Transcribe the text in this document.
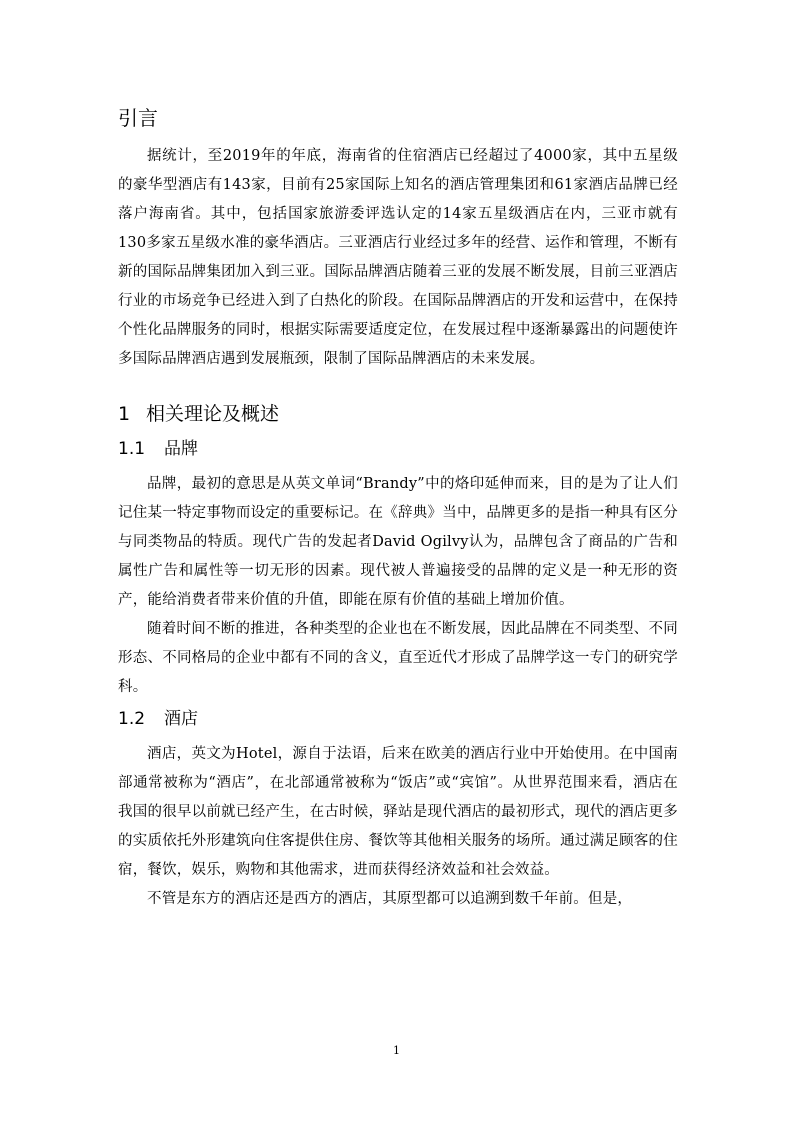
引言

据统计，至2019年的年底，海南省的住宿酒店已经超过了4000家，其中五星级的豪华型酒店有143家，目前有25家国际上知名的酒店管理集团和61家酒店品牌已经落户海南省。其中，包括国家旅游委评选认定的14家五星级酒店在内，三亚市就有130多家五星级水准的豪华酒店。三亚酒店行业经过多年的经营、运作和管理，不断有新的国际品牌集团加入到三亚。国际品牌酒店随着三亚的发展不断发展，目前三亚酒店行业的市场竞争已经进入到了白热化的阶段。在国际品牌酒店的开发和运营中，在保持个性化品牌服务的同时，根据实际需要适度定位，在发展过程中逐渐暴露出的问题使许多国际品牌酒店遇到发展瓶颈，限制了国际品牌酒店的未来发展。

1 相关理论及概述
1.1 品牌

品牌，最初的意思是从英文单词“Brandy”中的烙印延伸而来，目的是为了让人们记住某一特定事物而设定的重要标记。在《辞典》当中，品牌更多的是指一种具有区分与同类物品的特质。现代广告的发起者David Ogilvy认为，品牌包含了商品的广告和属性广告和属性等一切无形的因素。现代被人普遍接受的品牌的定义是一种无形的资产，能给消费者带来价值的升值，即能在原有价值的基础上增加价值。

随着时间不断的推进，各种类型的企业也在不断发展，因此品牌在不同类型、不同形态、不同格局的企业中都有不同的含义，直至近代才形成了品牌学这一专门的研究学科。

1.2 酒店

酒店，英文为Hotel，源自于法语，后来在欧美的酒店行业中开始使用。在中国南部通常被称为“酒店”，在北部通常被称为“饭店”或“宾馆”。从世界范围来看，酒店在我国的很早以前就已经产生，在古时候，驿站是现代酒店的最初形式，现代的酒店更多的实质依托外形建筑向住客提供住房、餐饮等其他相关服务的场所。通过满足顾客的住宿，餐饮，娱乐，购物和其他需求，进而获得经济效益和社会效益。

不管是东方的酒店还是西方的酒店，其原型都可以追溯到数千年前。但是，

1
